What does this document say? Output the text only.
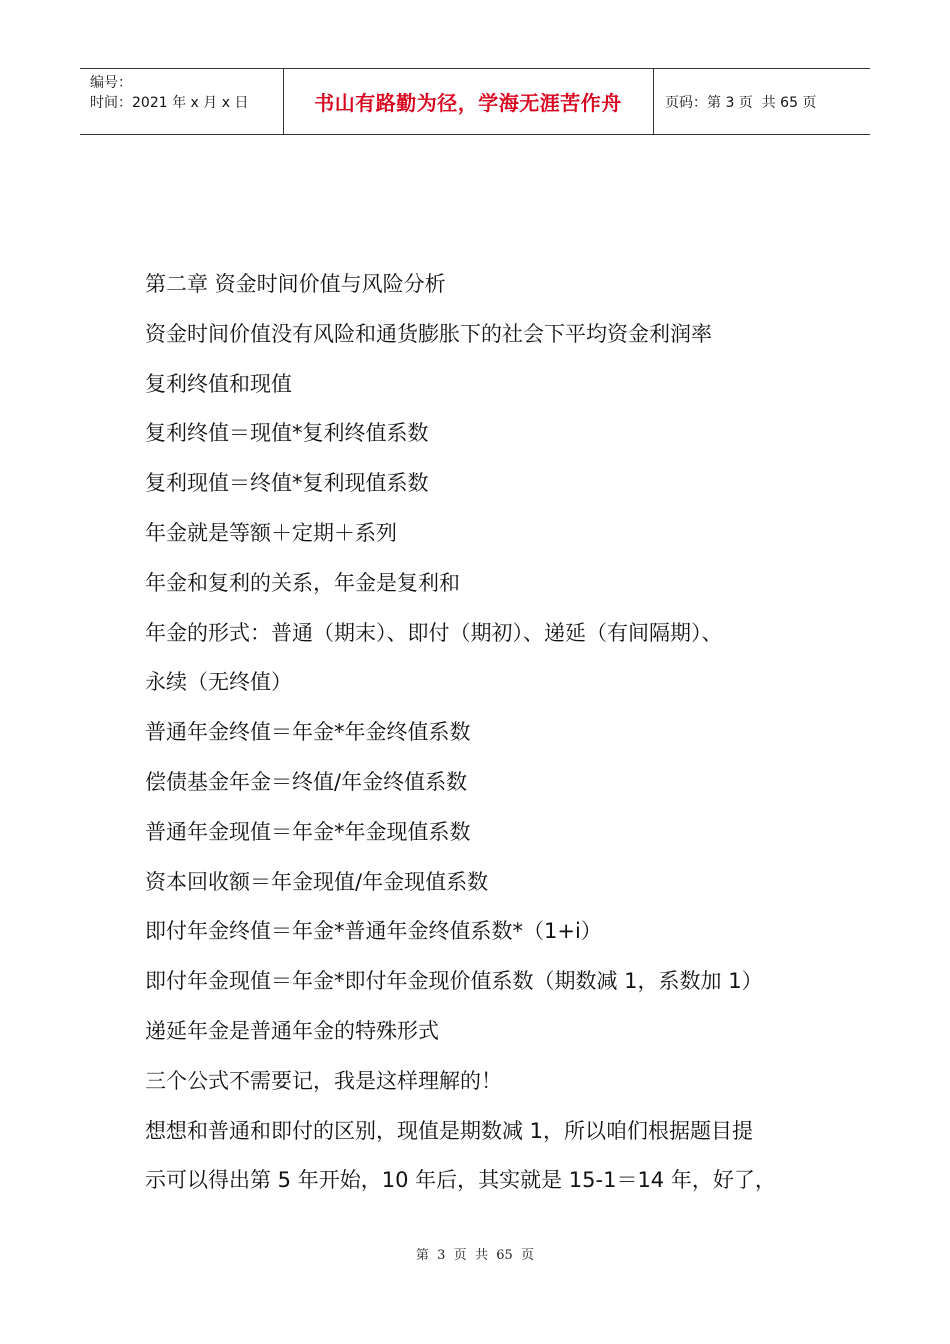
编号：
时间：2021 年 x 月 x 日	书山有路勤为径，学海无涯苦作舟	页码：第 3 页  共 65 页

第二章 资金时间价值与风险分析

资金时间价值没有风险和通货膨胀下的社会下平均资金利润率

复利终值和现值

复利终值＝现值*复利终值系数

复利现值＝终值*复利现值系数

年金就是等额＋定期＋系列

年金和复利的关系，年金是复利和

年金的形式：普通（期末）、即付（期初）、递延（有间隔期）、

永续（无终值）

普通年金终值＝年金*年金终值系数

偿债基金年金＝终值/年金终值系数

普通年金现值＝年金*年金现值系数

资本回收额＝年金现值/年金现值系数

即付年金终值＝年金*普通年金终值系数*（1+i）

即付年金现值＝年金*即付年金现价值系数（期数减 1，系数加 1）

递延年金是普通年金的特殊形式

三个公式不需要记，我是这样理解的！

想想和普通和即付的区别，现值是期数减 1，所以咱们根据题目提

示可以得出第 5 年开始，10 年后，其实就是 15-1＝14 年，好了，

第  3  页  共  65  页
